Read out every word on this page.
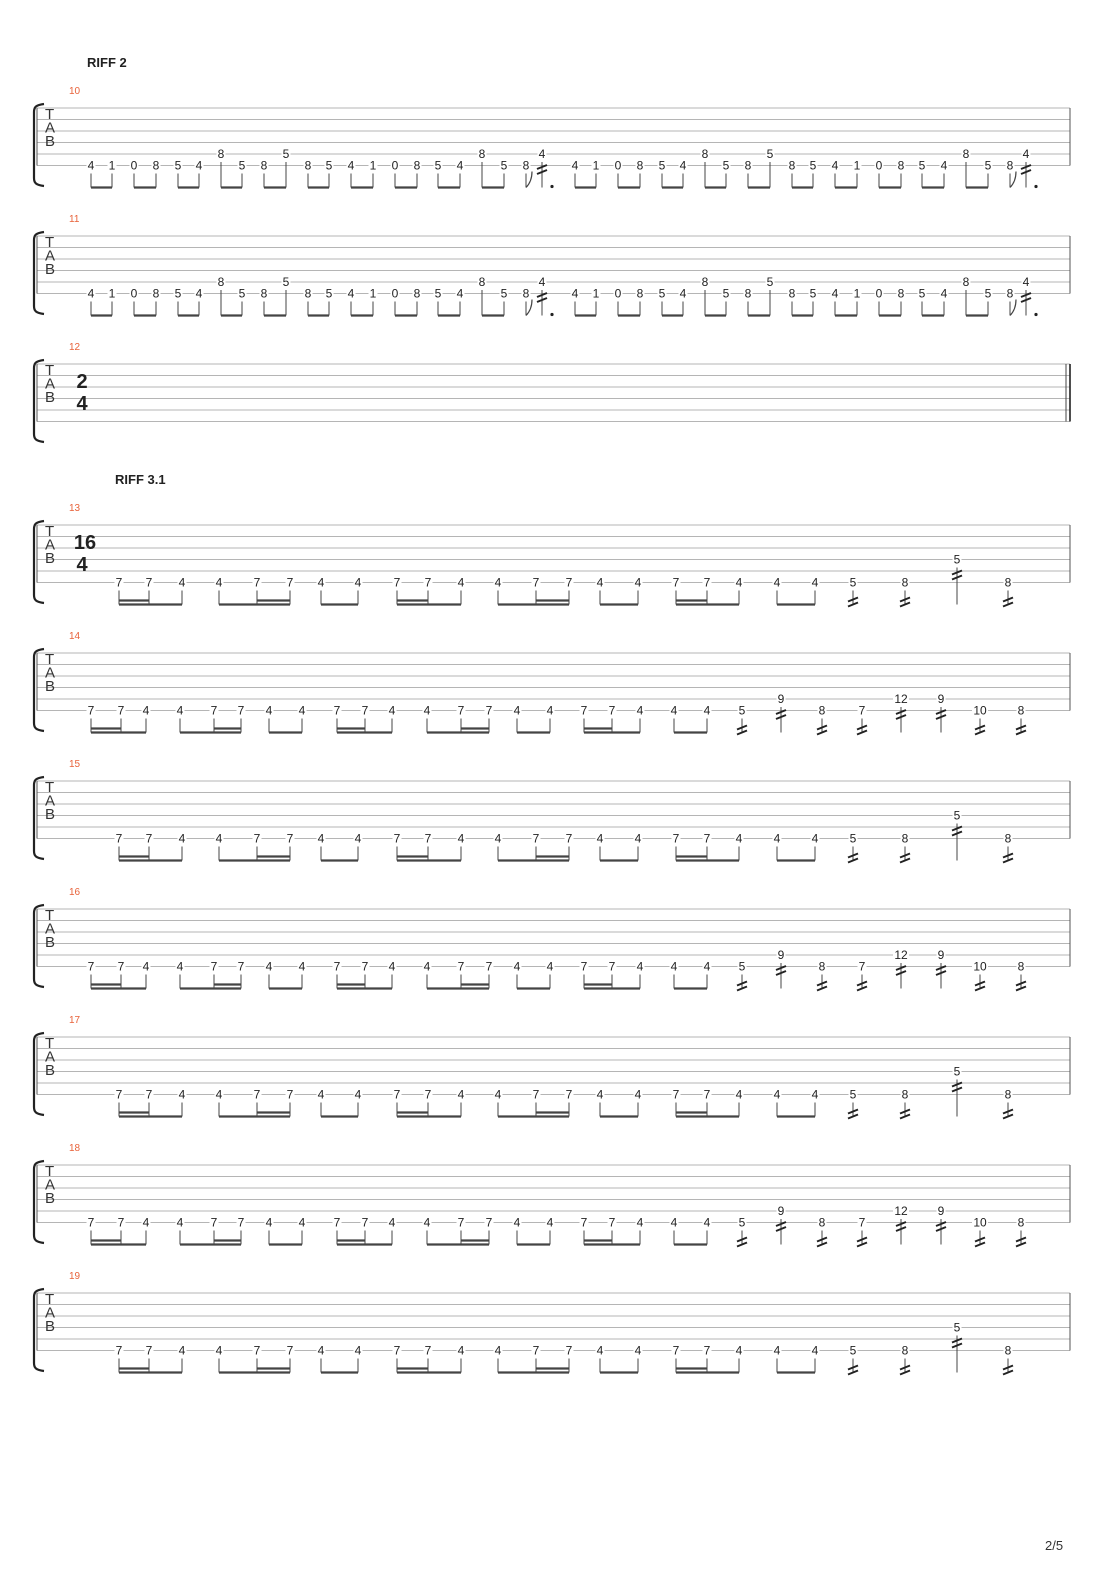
RIFF 2
RIFF 3.1
10
T
A
B
4 1 0 8 5 4
8
5 8
5
8 5 4 1 0 8 5 4
8
5 8
4
4 1 0 8 5 4
8
5 8
5
8 5 4 1 0 8 5 4
8
5 8
4
11
T
A
B
4 1 0 8 5 4
8
5 8
5
8 5 4 1 0 8 5 4
8
5 8
4
4 1 0 8 5 4
8
5 8
5
8 5 4 1 0 8 5 4
8
5 8
4
12
T
A
B
2
4
13
T
A
B
16
4
7 7 4	4	7 7 4	4	7 7 4	4	7 7 4	4	7 7 4	4	4	5	8
5
8
14
T
A
B
7 7 4 4 7 7 4 4 7 7 4 4 7 7 4 4 7 7 4 4 4 5
9
8	7
12 9
10	8
15
T
A
B
7 7 4	4	7 7 4	4	7 7 4	4	7 7 4	4	7 7 4	4	4	5	8
5
8
16
T
A
B
7 7 4 4 7 7 4 4 7 7 4 4 7 7 4 4 7 7 4 4 4 5
9
8	7
12 9
10	8
17
T
A
B
7 7 4	4	7 7 4	4	7 7 4	4	7 7 4	4	7 7 4	4	4	5	8
5
8
18
T
A
B
7 7 4 4 7 7 4 4 7 7 4 4 7 7 4 4 7 7 4 4 4 5
9
8	7
12 9
10	8
19
T
A
B
7 7 4	4	7 7 4	4	7 7 4	4	7 7 4	4	7 7 4	4	4	5	8
5
8
2/5
